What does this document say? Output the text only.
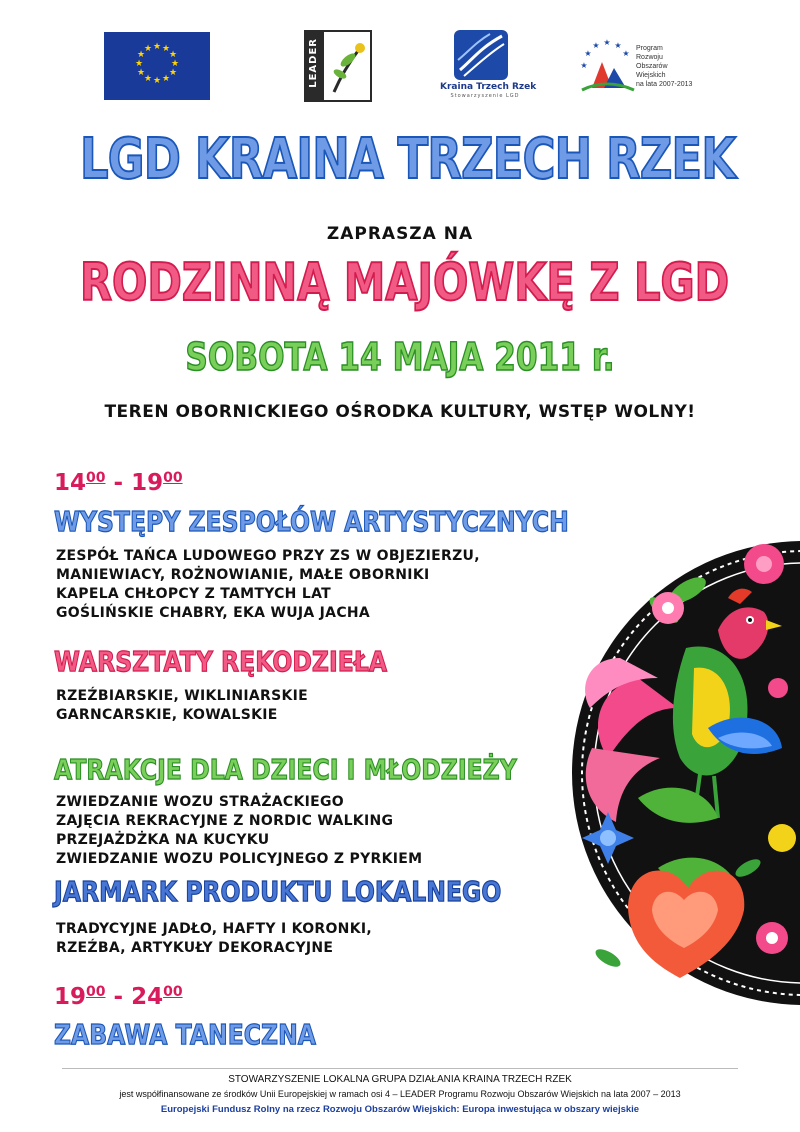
★ ★
★
★
★
★
★
★
★
★
★
★	LEADER	Kraina Trzech Rzek
Stowarzyszenie LGD
★
★ ★ ★
★
★
Program
Rozwoju
Obszarów
Wiejskich
na lata 2007-2013
LGD KRAINA TRZECH RZEK
ZAPRASZA NA
RODZINNĄ MAJÓWKĘ Z LGD
SOBOTA 14 MAJA 2011 r.
TEREN OBORNICKIEGO OŚRODKA KULTURY, WSTĘP WOLNY!
$14^{00} - 19^{00}$
WYSTĘPY ZESPOŁÓW ARTYSTYCZNYCH
ZESPÓŁ TAŃCA LUDOWEGO PRZY ZS W OBJEZIERZU,
MANIEWIACY, ROŻNOWIANIE, MAŁE OBORNIKI
KAPELA CHŁOPCY Z TAMTYCH LAT
GOŚLIŃSKIE CHABRY, EKA WUJA JACHA
WARSZTATY RĘKODZIEŁA
RZEŹBIARSKIE, WIKLINIARSKIE
GARNCARSKIE, KOWALSKIE
ATRAKCJE DLA DZIECI I MŁODZIEŻY
ZWIEDZANIE WOZU STRAŻACKIEGO
ZAJĘCIA REKRACYJNE Z NORDIC WALKING
PRZEJAŻDŻKA NA KUCYKU
ZWIEDZANIE WOZU POLICYJNEGO Z PYRKIEM
JARMARK PRODUKTU LOKALNEGO
TRADYCYJNE JADŁO, HAFTY I KORONKI,
RZEŹBA, ARTYKUŁY DEKORACYJNE
$19^{00} - 24^{00}$
ZABAWA TANECZNA
STOWARZYSZENIE LOKALNA GRUPA DZIAŁANIA KRAINA TRZECH RZEK
jest współfinansowane ze środków Unii Europejskiej w ramach osi 4 – LEADER Programu Rozwoju Obszarów Wiejskich na lata 2007 – 2013
Europejski Fundusz Rolny na rzecz Rozwoju Obszarów Wiejskich: Europa inwestująca w obszary wiejskie
